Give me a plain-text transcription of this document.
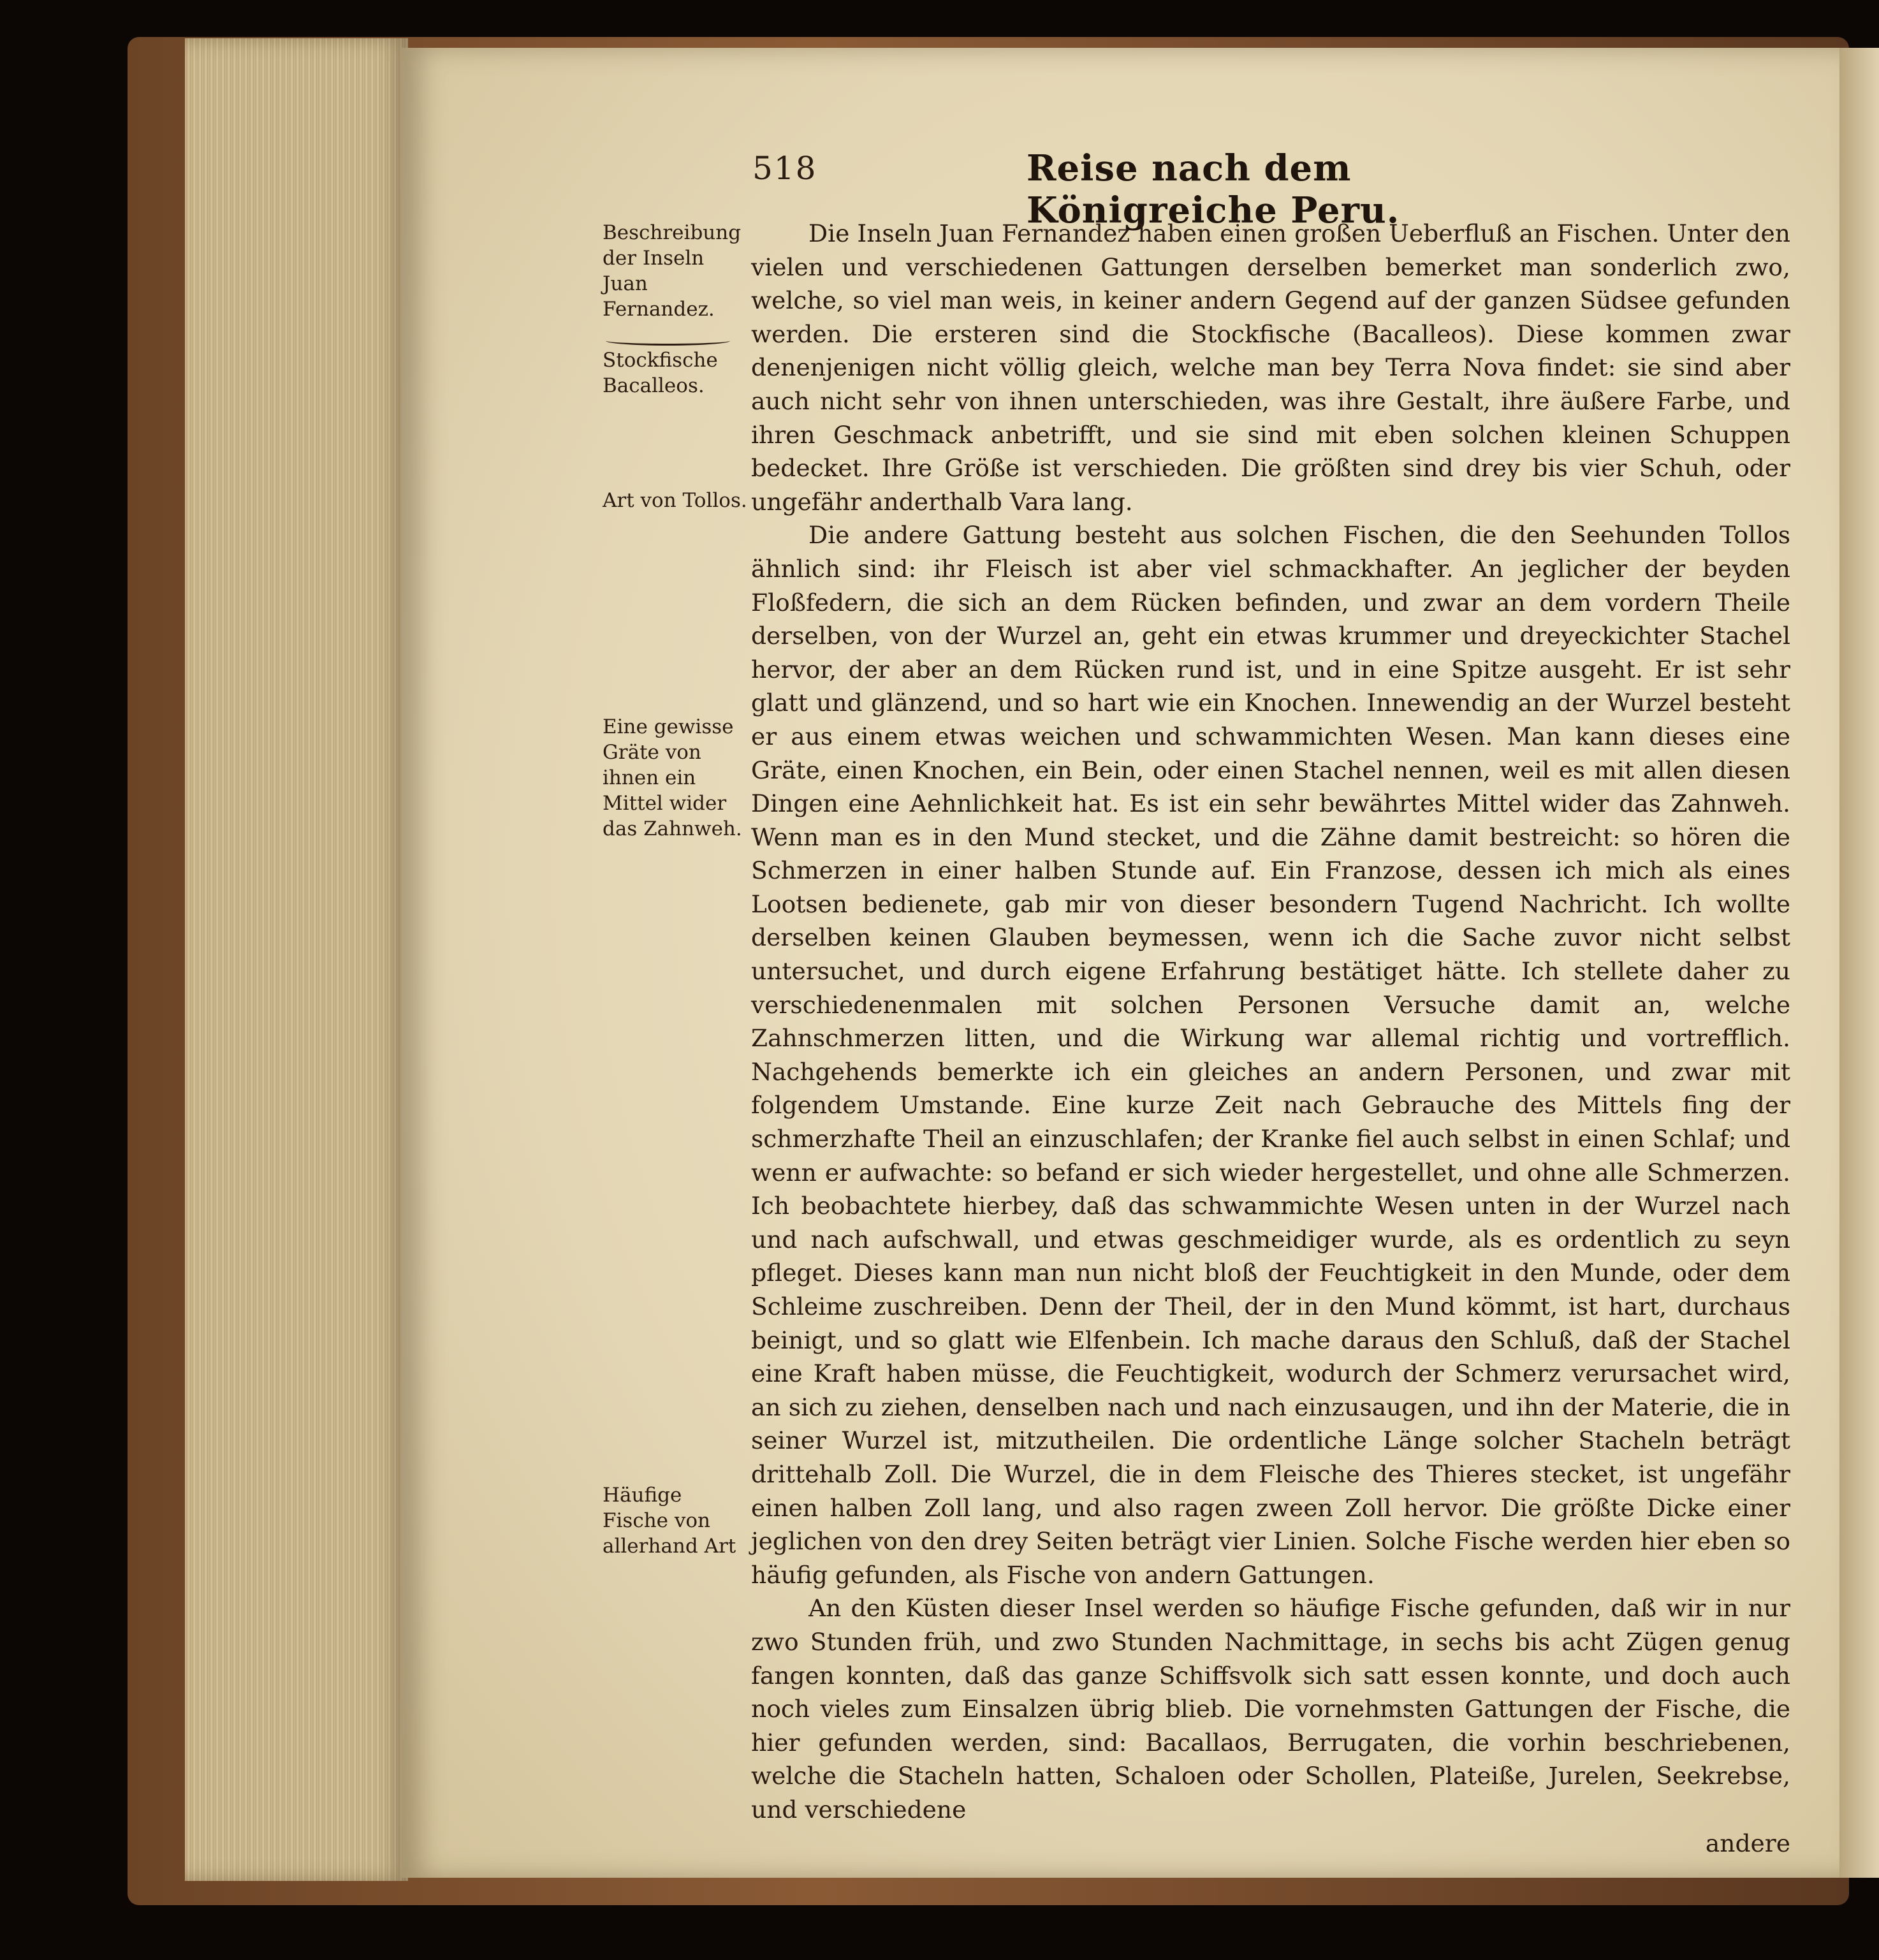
518	Reise nach dem Königreiche Peru.
Beschreibung der Inseln Juan Fernandez.
Stockfische Bacalleos.
Art von Tollos.
Eine gewisse Gräte von ihnen ein Mittel wider das Zahnweh.
Häufige Fische von allerhand Art

Die Inseln Juan Fernandez haben einen großen Ueberfluß an Fischen. Unter den vielen und verschiedenen Gattungen derselben bemerket man sonderlich zwo, welche, so viel man weis, in keiner andern Gegend auf der ganzen Südsee gefunden werden. Die ersteren sind die Stockfische (Bacalleos). Diese kommen zwar denenjenigen nicht völlig gleich, welche man bey Terra Nova findet: sie sind aber auch nicht sehr von ihnen unterschieden, was ihre Gestalt, ihre äußere Farbe, und ihren Geschmack anbetrifft, und sie sind mit eben solchen kleinen Schuppen bedecket. Ihre Größe ist verschieden. Die größten sind drey bis vier Schuh, oder ungefähr anderthalb Vara lang.

Die andere Gattung besteht aus solchen Fischen, die den Seehunden Tollos ähnlich sind: ihr Fleisch ist aber viel schmackhafter. An jeglicher der beyden Floßfedern, die sich an dem Rücken befinden, und zwar an dem vordern Theile derselben, von der Wurzel an, geht ein etwas krummer und dreyeckichter Stachel hervor, der aber an dem Rücken rund ist, und in eine Spitze ausgeht. Er ist sehr glatt und glänzend, und so hart wie ein Knochen. Innewendig an der Wurzel besteht er aus einem etwas weichen und schwammichten Wesen. Man kann dieses eine Gräte, einen Knochen, ein Bein, oder einen Stachel nennen, weil es mit allen diesen Dingen eine Aehnlichkeit hat. Es ist ein sehr bewährtes Mittel wider das Zahnweh. Wenn man es in den Mund stecket, und die Zähne damit bestreicht: so hören die Schmerzen in einer halben Stunde auf. Ein Franzose, dessen ich mich als eines Lootsen bedienete, gab mir von dieser besondern Tugend Nachricht. Ich wollte derselben keinen Glauben beymessen, wenn ich die Sache zuvor nicht selbst untersuchet, und durch eigene Erfahrung bestätiget hätte. Ich stellete daher zu verschiedenenmalen mit solchen Personen Versuche damit an, welche Zahnschmerzen litten, und die Wirkung war allemal richtig und vortrefflich. Nachgehends bemerkte ich ein gleiches an andern Personen, und zwar mit folgendem Umstande. Eine kurze Zeit nach Gebrauche des Mittels fing der schmerzhafte Theil an einzuschlafen; der Kranke fiel auch selbst in einen Schlaf; und wenn er aufwachte: so befand er sich wieder hergestellet, und ohne alle Schmerzen. Ich beobachtete hierbey, daß das schwammichte Wesen unten in der Wurzel nach und nach aufschwall, und etwas geschmeidiger wurde, als es ordentlich zu seyn pfleget. Dieses kann man nun nicht bloß der Feuchtigkeit in den Munde, oder dem Schleime zuschreiben. Denn der Theil, der in den Mund kömmt, ist hart, durchaus beinigt, und so glatt wie Elfenbein. Ich mache daraus den Schluß, daß der Stachel eine Kraft haben müsse, die Feuchtigkeit, wodurch der Schmerz verursachet wird, an sich zu ziehen, denselben nach und nach einzusaugen, und ihn der Materie, die in seiner Wurzel ist, mitzutheilen. Die ordentliche Länge solcher Stacheln beträgt drittehalb Zoll. Die Wurzel, die in dem Fleische des Thieres stecket, ist ungefähr einen halben Zoll lang, und also ragen zween Zoll hervor. Die größte Dicke einer jeglichen von den drey Seiten beträgt vier Linien. Solche Fische werden hier eben so häufig gefunden, als Fische von andern Gattungen.

An den Küsten dieser Insel werden so häufige Fische gefunden, daß wir in nur zwo Stunden früh, und zwo Stunden Nachmittage, in sechs bis acht Zügen genug fangen konnten, daß das ganze Schiffsvolk sich satt essen konnte, und doch auch noch vieles zum Einsalzen übrig blieb. Die vornehmsten Gattungen der Fische, die hier gefunden werden, sind: Bacallaos, Berrugaten, die vorhin beschriebenen, welche die Stacheln hatten, Schaloen oder Schollen, Plateiße, Jurelen, Seekrebse, und verschiedene

andere
